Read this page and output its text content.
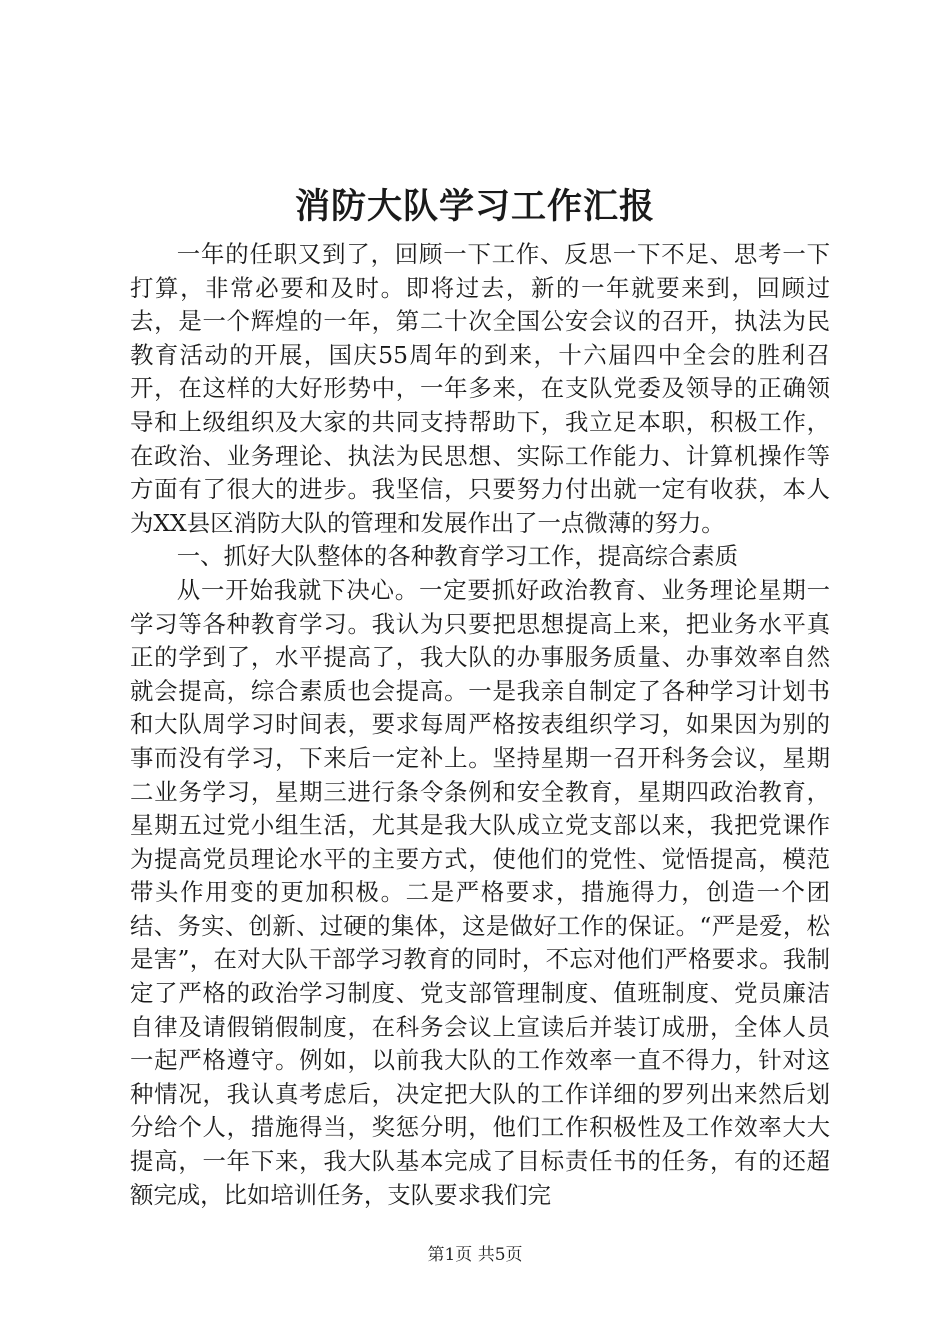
消防大队学习工作汇报

一年的任职又到了，回顾一下工作、反思一下不足、思考一下打算，非常必要和及时。即将过去，新的一年就要来到，回顾过去，是一个辉煌的一年，第二十次全国公安会议的召开，执法为民教育活动的开展，国庆55周年的到来，十六届四中全会的胜利召开，在这样的大好形势中，一年多来，在支队党委及领导的正确领导和上级组织及大家的共同支持帮助下，我立足本职，积极工作，在政治、业务理论、执法为民思想、实际工作能力、计算机操作等方面有了很大的进步。我坚信，只要努力付出就一定有收获，本人为XX县区消防大队的管理和发展作出了一点微薄的努力。

一、抓好大队整体的各种教育学习工作，提高综合素质

从一开始我就下决心。一定要抓好政治教育、业务理论星期一学习等各种教育学习。我认为只要把思想提高上来，把业务水平真正的学到了，水平提高了，我大队的办事服务质量、办事效率自然就会提高，综合素质也会提高。一是我亲自制定了各种学习计划书和大队周学习时间表，要求每周严格按表组织学习，如果因为别的事而没有学习，下来后一定补上。坚持星期一召开科务会议，星期二业务学习，星期三进行条令条例和安全教育，星期四政治教育，星期五过党小组生活，尤其是我大队成立党支部以来，我把党课作为提高党员理论水平的主要方式，使他们的党性、觉悟提高，模范带头作用变的更加积极。二是严格要求，措施得力，创造一个团结、务实、创新、过硬的集体，这是做好工作的保证。“严是爱，松是害”，在对大队干部学习教育的同时，不忘对他们严格要求。我制定了严格的政治学习制度、党支部管理制度、值班制度、党员廉洁自律及请假销假制度，在科务会议上宣读后并装订成册，全体人员一起严格遵守。例如，以前我大队的工作效率一直不得力，针对这种情况，我认真考虑后，决定把大队的工作详细的罗列出来然后划分给个人，措施得当，奖惩分明，他们工作积极性及工作效率大大提高，一年下来，我大队基本完成了目标责任书的任务，有的还超额完成，比如培训任务，支队要求我们完

第1页 共5页
